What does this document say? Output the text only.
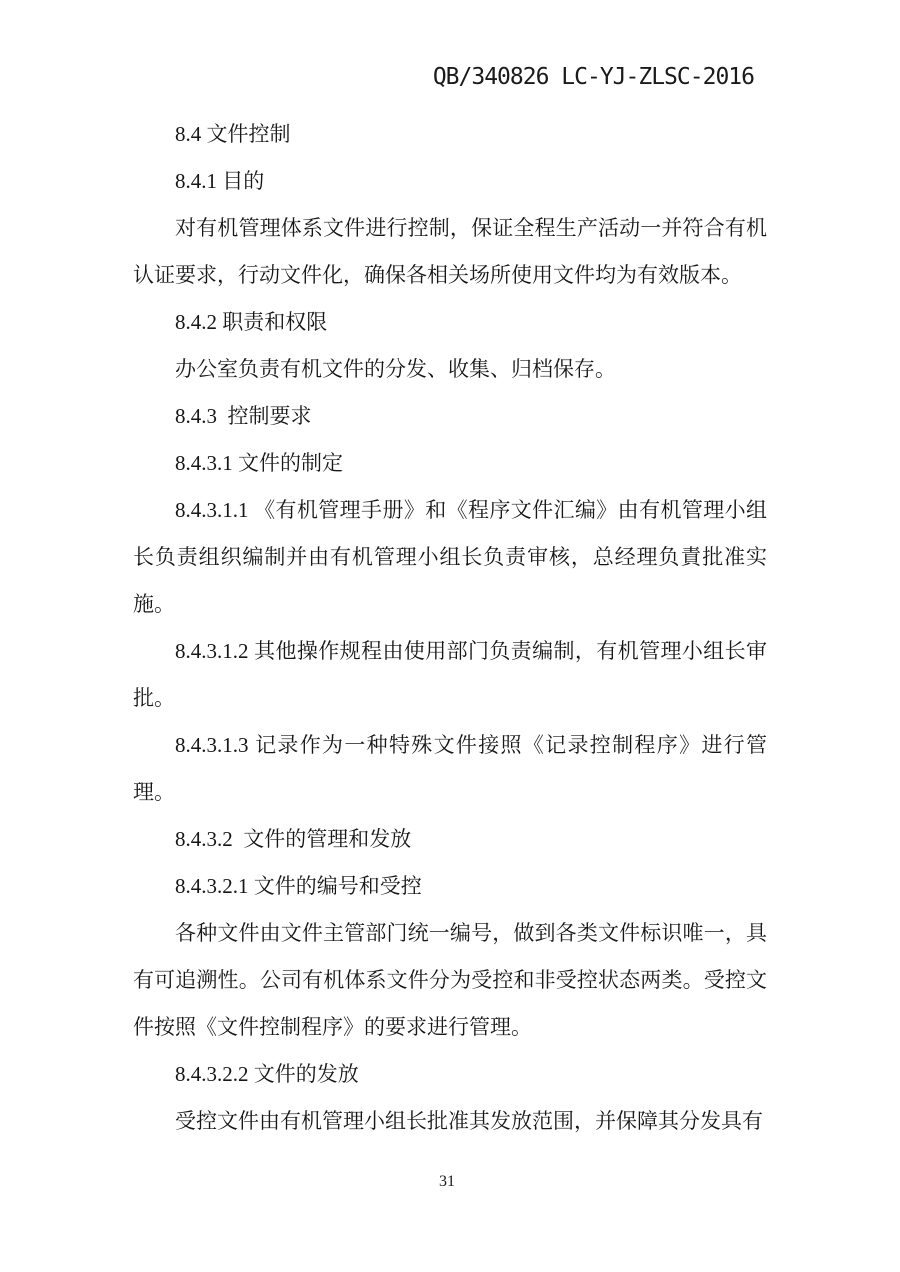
QB/340826 LC-YJ-ZLSC-2016
8.4 文件控制
8.4.1 目的
对有机管理体系文件进行控制，保证全程生产活动一并符合有机认证要求，行动文件化，确保各相关场所使用文件均为有效版本。
8.4.2 职责和权限
办公室负责有机文件的分发、收集、归档保存。
8.4.3  控制要求
8.4.3.1 文件的制定
8.4.3.1.1 《有机管理手册》和《程序文件汇编》由有机管理小组长负责组织编制并由有机管理小组长负责审核，总经理负責批准实施。
8.4.3.1.2 其他操作规程由使用部门负责编制，有机管理小组长审批。
8.4.3.1.3 记录作为一种特殊文件接照《记录控制程序》进行管理。
8.4.3.2  文件的管理和发放
8.4.3.2.1 文件的编号和受控
各种文件由文件主管部门统一编号，做到各类文件标识唯一，具有可追溯性。公司有机体系文件分为受控和非受控状态两类。受控文件按照《文件控制程序》的要求进行管理。
8.4.3.2.2 文件的发放
受控文件由有机管理小组长批准其发放范围，并保障其分发具有
31
